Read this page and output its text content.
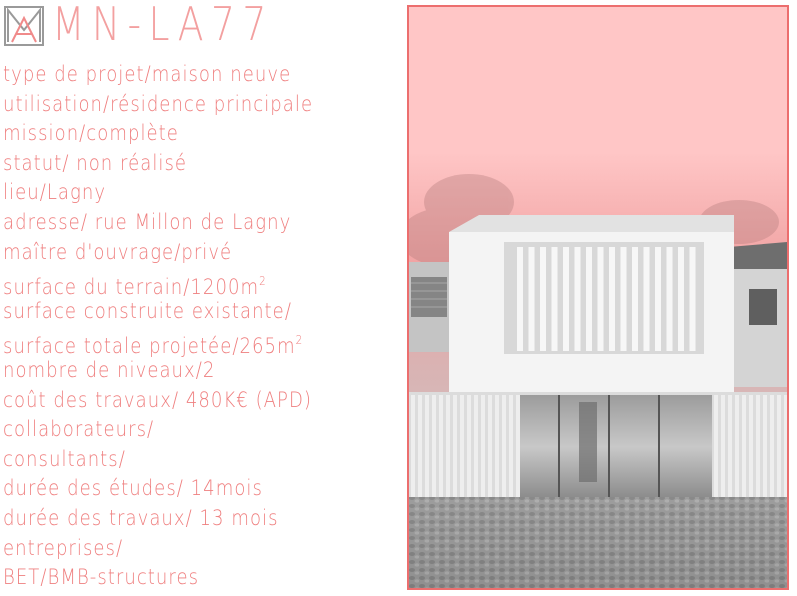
MN-LA77
type de projet/maison neuve
utilisation/résidence principale
mission/complète
statut/ non réalisé
lieu/Lagny
adresse/ rue Millon de Lagny
maître d'ouvrage/privé
surface du terrain/$1200m^2$
surface construite existante/
surface totale projetée/$265m^2$
nombre de niveaux/2
coût des travaux/ 480K€ (APD)
collaborateurs/
consultants/
durée des études/ 14mois
durée des travaux/ 13 mois
entreprises/
BET/BMB-structures
